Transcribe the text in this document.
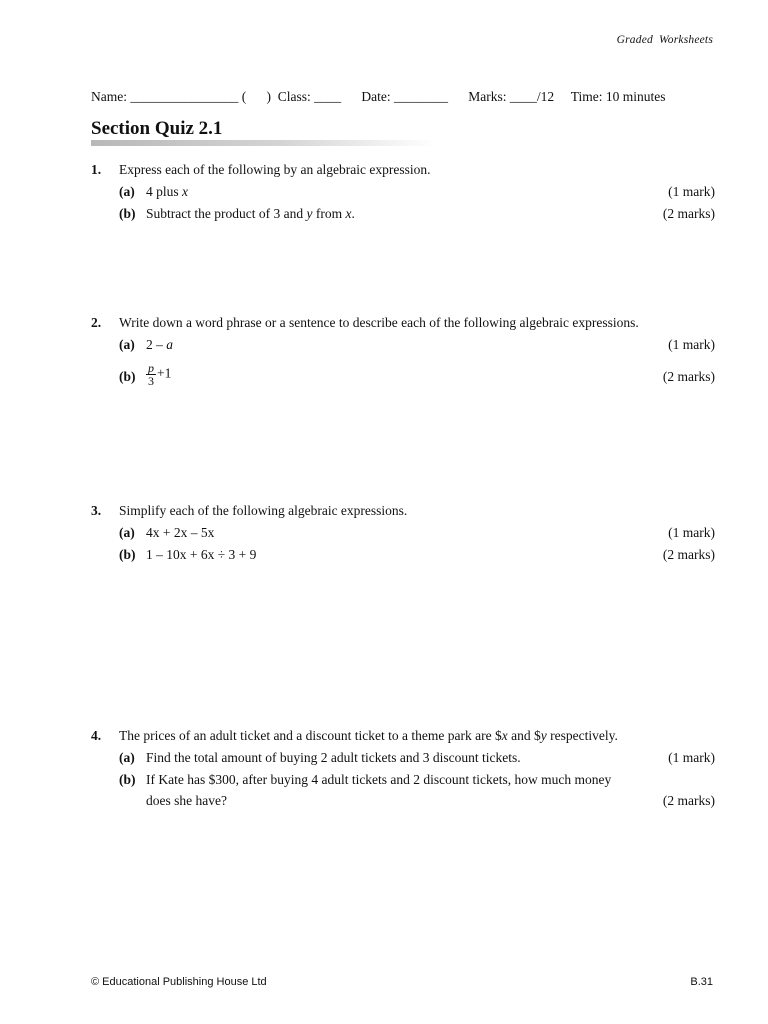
Graded Worksheets
Name: ________________ (      )  Class: ____      Date: ________      Marks: ____/12     Time: 10 minutes
Section Quiz 2.1
1. Express each of the following by an algebraic expression.
(a) 4 plus x	(1 mark)
(b) Subtract the product of 3 and y from x.	(2 marks)
2. Write down a word phrase or a sentence to describe each of the following algebraic expressions.
(a) 2 – a	(1 mark)
$(b) \frac{p}{3} +1$	(2 marks)
3. Simplify each of the following algebraic expressions.
(a) 4x + 2x – 5x	(1 mark)
(b) 1 – 10x + 6x ÷ 3 + 9	(2 marks)
4. The prices of an adult ticket and a discount ticket to a theme park are $x and $y respectively.
(a) Find the total amount of buying 2 adult tickets and 3 discount tickets.	(1 mark)
(b) If Kate has $300, after buying 4 adult tickets and 2 discount tickets, how much money
does she have?	(2 marks)
© Educational Publishing House Ltd	B.31
